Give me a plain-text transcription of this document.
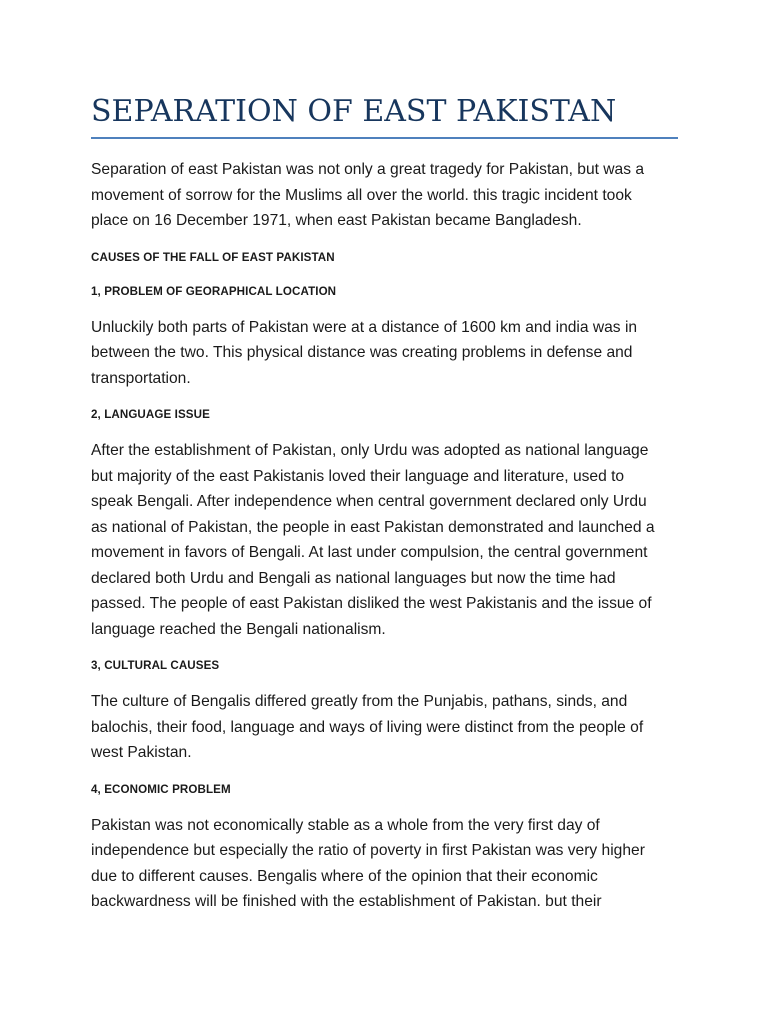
SEPARATION OF EAST PAKISTAN

Separation of east Pakistan was not only a great tragedy for Pakistan, but was a
movement of sorrow for the Muslims all over the world. this tragic incident took
place on 16 December 1971, when east Pakistan became Bangladesh.

CAUSES OF THE FALL OF EAST PAKISTAN

1, PROBLEM OF GEORAPHICAL LOCATION

Unluckily both parts of Pakistan were at a distance of 1600 km and india was in
between the two. This physical distance was creating problems in defense and
transportation.

2, LANGUAGE ISSUE

After the establishment of Pakistan, only Urdu was adopted as national language
but majority of the east Pakistanis loved their language and literature, used to
speak Bengali. After independence when central government declared only Urdu
as national of Pakistan, the people in east Pakistan demonstrated and launched a
movement in favors of Bengali. At last under compulsion, the central government
declared both Urdu and Bengali as national languages but now the time had
passed. The people of east Pakistan disliked the west Pakistanis and the issue of
language reached the Bengali nationalism.

3, CULTURAL CAUSES

The culture of Bengalis differed greatly from the Punjabis, pathans, sinds, and
balochis, their food, language and ways of living were distinct from the people of
west Pakistan.

4, ECONOMIC PROBLEM

Pakistan was not economically stable as a whole from the very first day of
independence but especially the ratio of poverty in first Pakistan was very higher
due to different causes. Bengalis where of the opinion that their economic
backwardness will be finished with the establishment of Pakistan. but their
